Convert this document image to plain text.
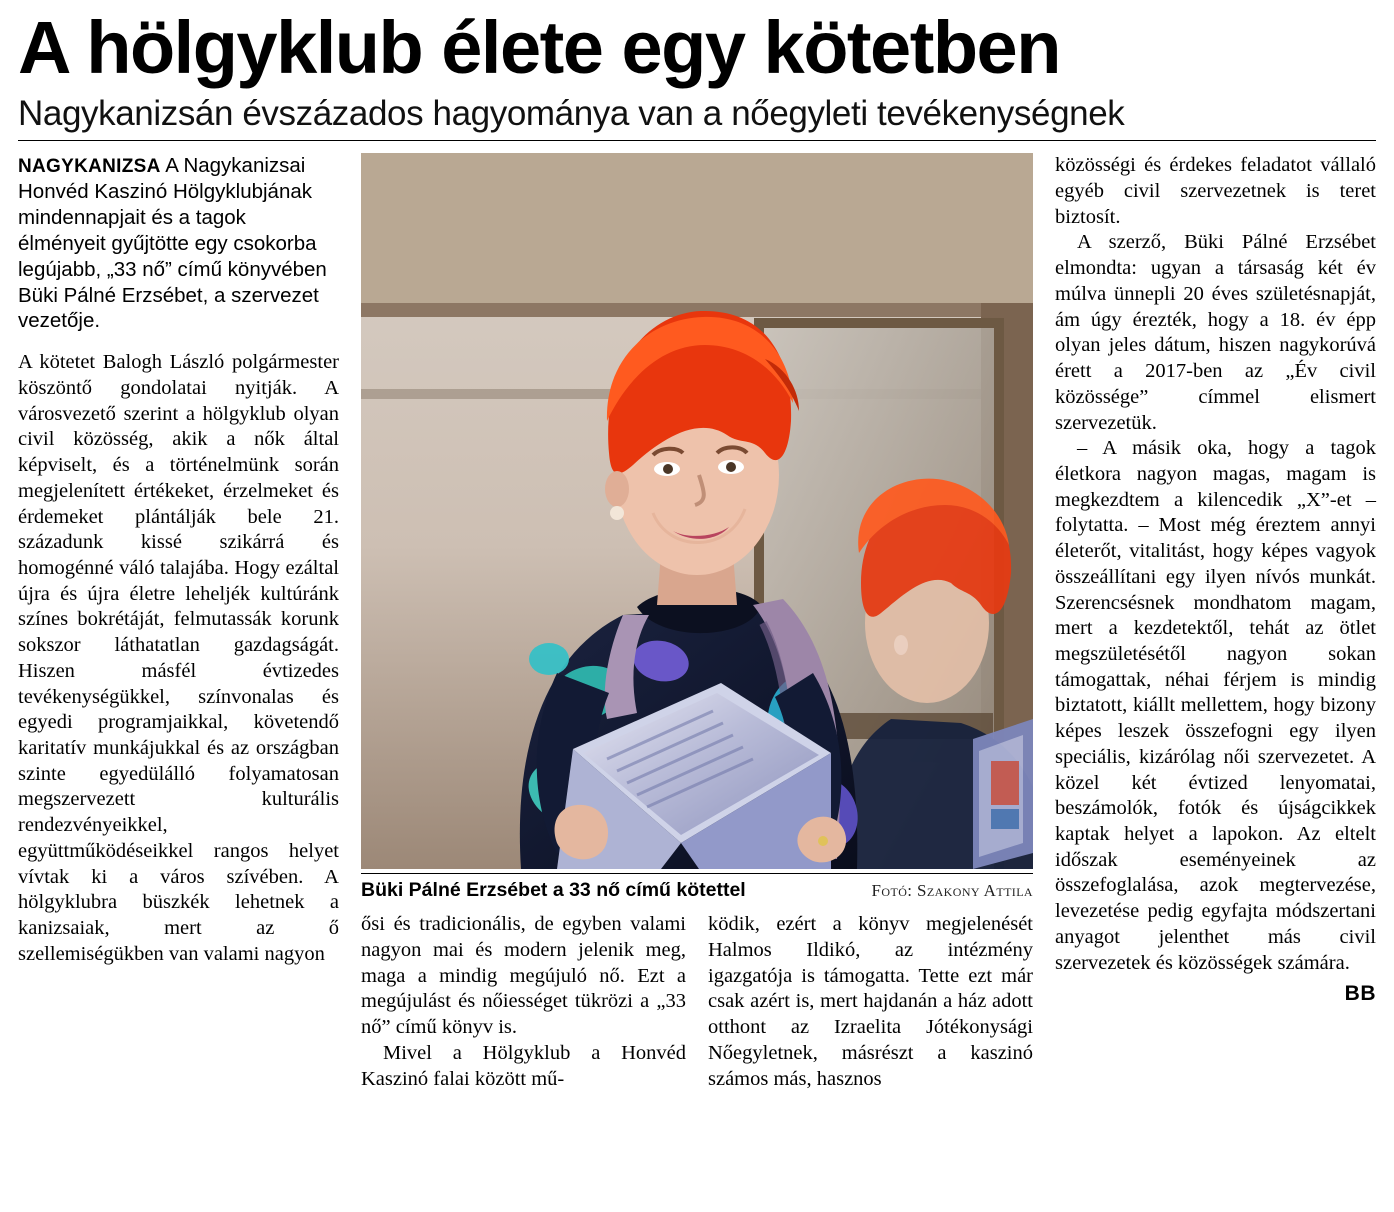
A hölgyklub élete egy kötetben
Nagykanizsán évszázados hagyománya van a nőegyleti tevékenységnek

NAGYKANIZSA A Nagykanizsai Honvéd Kaszinó Hölgyklubjának mindennapjait és a tagok élményeit gyűjtötte egy csokorba legújabb, „33 nő” című könyvében Büki Pálné Erzsébet, a szervezet vezetője.

A kötetet Balogh László polgármester köszöntő gondolatai nyitják. A városvezető szerint a hölgyklub olyan civil közösség, akik a nők által képviselt, és a történelmünk során megjelenített értékeket, érzelmeket és érdemeket plántálják bele 21. századunk kissé szikárrá és homogénné váló talajába. Hogy ezáltal újra és újra életre leheljék kultúránk színes bokrétáját, felmutassák korunk sokszor láthatatlan gazdagságát. Hiszen másfél évtizedes tevékenységükkel, színvonalas és egyedi programjaikkal, követendő karitatív munkájukkal és az országban szinte egyedülálló folyamatosan megszervezett kulturális rendezvényeikkel, együttműködéseikkel rangos helyet vívtak ki a város szívében. A hölgyklubra büszkék lehetnek a kanizsaiak, mert az ő szellemiségükben van valami nagyon

Büki Pálné Erzsébet a 33 nő című kötettel	Fotó: Szakony Attila

ősi és tradicionális, de egyben valami nagyon mai és modern jelenik meg, maga a mindig megújuló nő. Ezt a megújulást és nőiességet tükrözi a „33 nő” című könyv is.

Mivel a Hölgyklub a Honvéd Kaszinó falai között mű-

ködik, ezért a könyv megjelenését Halmos Ildikó, az intézmény igazgatója is támogatta. Tette ezt már csak azért is, mert hajdanán a ház adott otthont az Izraelita Jótékonysági Nőegyletnek, másrészt a kaszinó számos más, hasznos

közösségi és érdekes feladatot vállaló egyéb civil szervezetnek is teret biztosít.

A szerző, Büki Pálné Erzsébet elmondta: ugyan a társaság két év múlva ünnepli 20 éves születésnapját, ám úgy érezték, hogy a 18. év épp olyan jeles dátum, hiszen nagykorúvá érett a 2017-ben az „Év civil közössége” címmel elismert szervezetük.

– A másik oka, hogy a tagok életkora nagyon magas, magam is megkezdtem a kilencedik „X”-et – folytatta. – Most még éreztem annyi életerőt, vitalitást, hogy képes vagyok összeállítani egy ilyen nívós munkát. Szerencsésnek mondhatom magam, mert a kezdetektől, tehát az ötlet megszületésétől nagyon sokan támogattak, néhai férjem is mindig biztatott, kiállt mellettem, hogy bizony képes leszek összefogni egy ilyen speciális, kizárólag női szervezetet. A közel két évtized lenyomatai, beszámolók, fotók és újságcikkek kaptak helyet a lapokon. Az eltelt időszak eseményeinek az összefoglalása, azok megtervezése, levezetése pedig egyfajta módszertani anyagot jelenthet más civil szervezetek és közösségek számára.

BB
